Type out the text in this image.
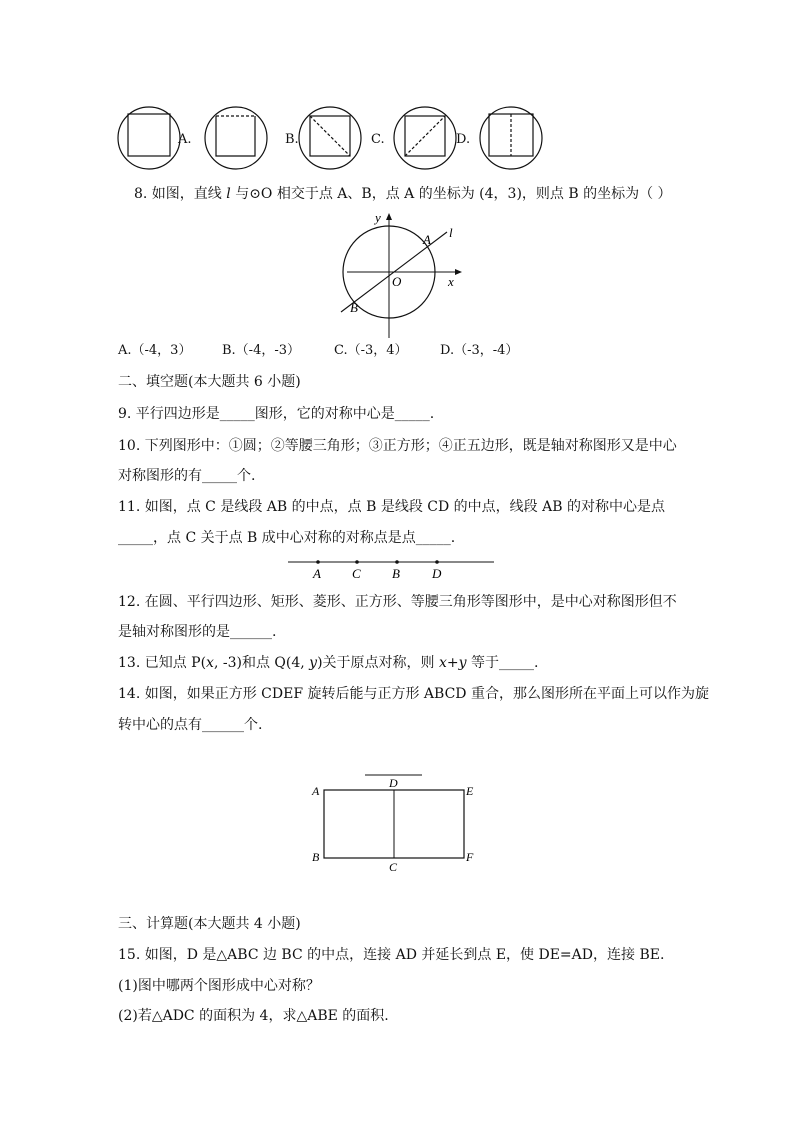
A.	B.	C.	D.
8. 如图，直线 l 与⊙O 相交于点 A、B，点 A 的坐标为 (4，3)，则点 B 的坐标为（ ）
y
x
O
A
B
l
A.（-4，3） B.（-4，-3）	C.（-3，4） D.（-3，-4）
二、填空题(本大题共 6 小题)
9. 平行四边形是_____图形，它的对称中心是_____.
10. 下列图形中：①圆；②等腰三角形；③正方形；④正五边形，既是轴对称图形又是中心
对称图形的有_____个.
11. 如图，点 C 是线段 AB 的中点，点 B 是线段 CD 的中点，线段 AB 的对称中心是点
_____，点 C 关于点 B 成中心对称的对称点是点_____.
A C B D
12. 在圆、平行四边形、矩形、菱形、正方形、等腰三角形等图形中，是中心对称图形但不
是轴对称图形的是______.
13. 已知点 P(x, -3)和点 Q(4, y)关于原点对称，则 x+y 等于_____.
14. 如图，如果正方形 CDEF 旋转后能与正方形 ABCD 重合，那么图形所在平面上可以作为旋
转中心的点有______个.
A
D
E
B
C
F
三、计算题(本大题共 4 小题)
15. 如图，D 是△ABC 边 BC 的中点，连接 AD 并延长到点 E，使 DE=AD，连接 BE.
(1)图中哪两个图形成中心对称？
(2)若△ADC 的面积为 4，求△ABE 的面积.
